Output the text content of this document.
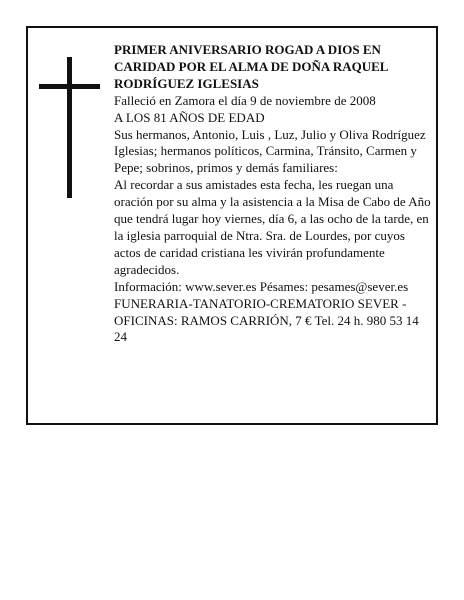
PRIMER ANIVERSARIO ROGAD A DIOS EN CARIDAD POR EL ALMA DE DOÑA RAQUEL RODRÍGUEZ IGLESIAS

Falleció en Zamora el día 9 de noviembre de 2008

A LOS 81 AÑOS DE EDAD

Sus hermanos, Antonio, Luis , Luz, Julio y Oliva Rodríguez Iglesias; hermanos políticos, Carmina, Tránsito, Carmen y Pepe; sobrinos, primos y demás familiares:

Al recordar a sus amistades esta fecha, les ruegan una oración por su alma y la asistencia a la Misa de Cabo de Año que tendrá lugar hoy viernes, día 6, a las ocho de la tarde, en la iglesia parroquial de Ntra. Sra. de Lourdes, por cuyos actos de caridad cristiana les vivirán profundamente agradecidos.

Información: www.sever.es Pésames: pesames@sever.es

FUNERARIA-TANATORIO-CREMATORIO SEVER - OFICINAS: RAMOS CARRIÓN, 7 € Tel. 24 h. 980 53 14 24
